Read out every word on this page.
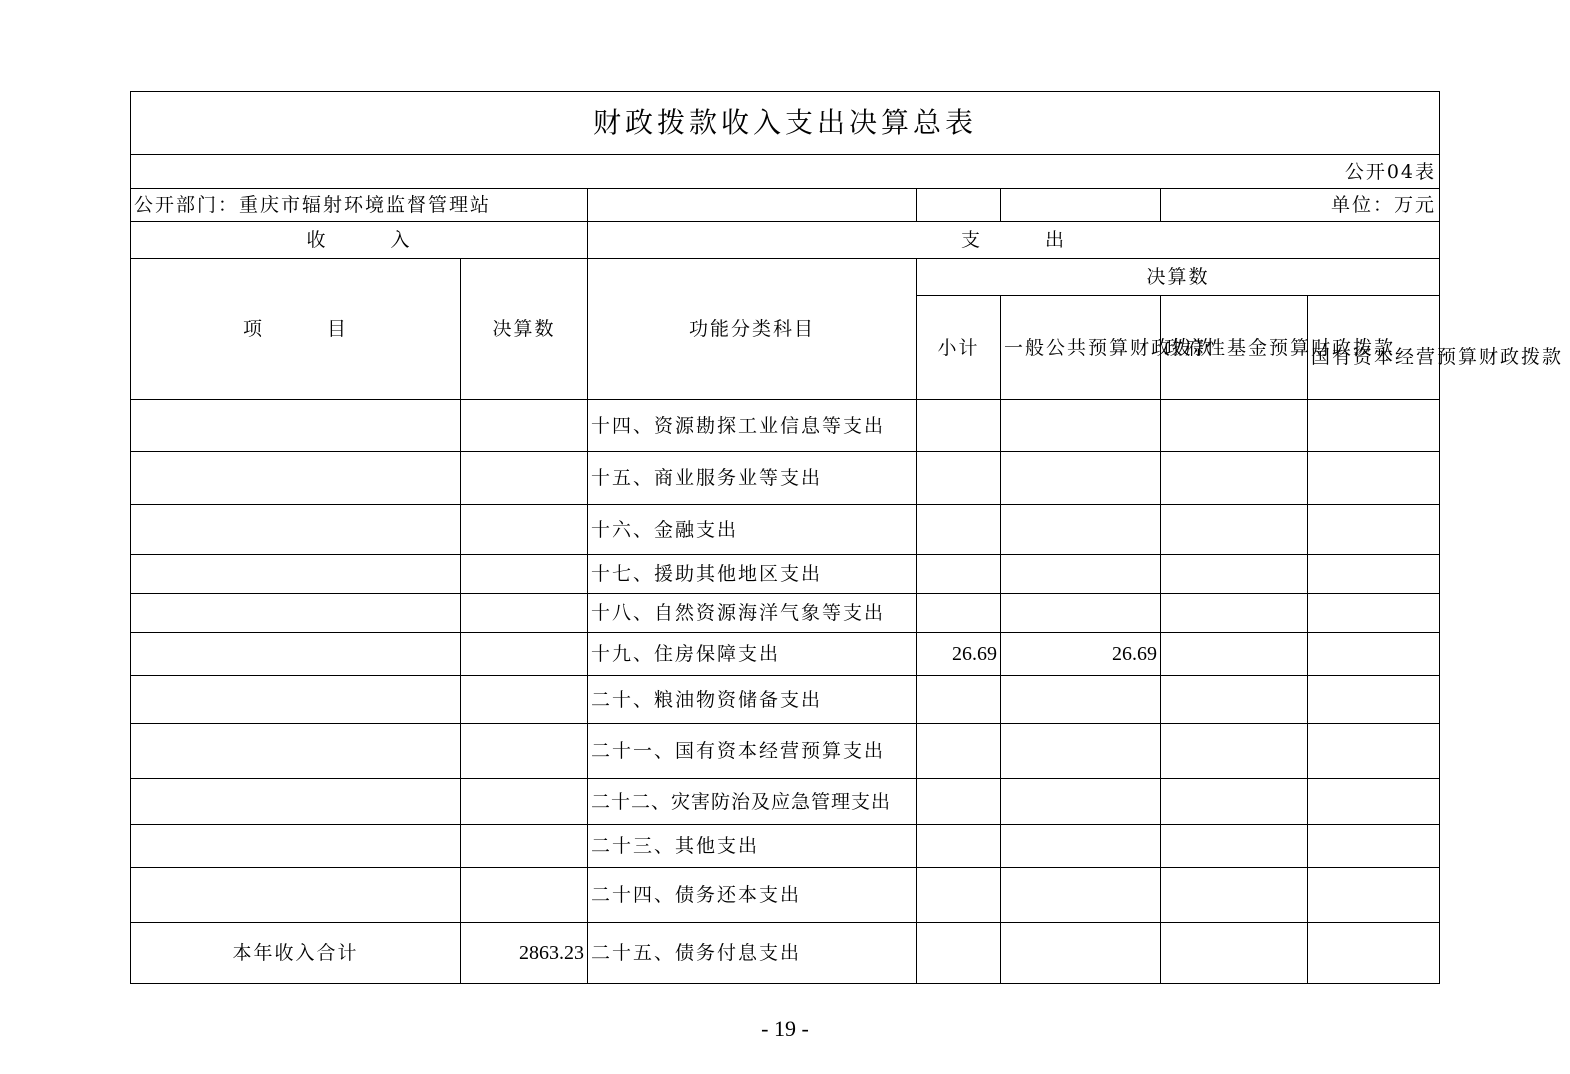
财政拨款收入支出决算总表						
公开04表						
公开部门：重庆市辐射环境监督管理站					单位：万元	
收　　　入		支　　　出				
项　　　目	决算数	功能分类科目	决算数			
			小计	一般公共预算财政拨款	政府性基金预算财政拨款	国有资本经营预算财政拨款
		十四、资源勘探工业信息等支出				
		十五、商业服务业等支出				
		十六、金融支出				
		十七、援助其他地区支出				
		十八、自然资源海洋气象等支出				
		十九、住房保障支出	26.69	26.69		
		二十、粮油物资储备支出				
		二十一、国有资本经营预算支出				
		二十二、灾害防治及应急管理支出				
		二十三、其他支出				
		二十四、债务还本支出				
本年收入合计	2863.23	二十五、债务付息支出				
- 19 -
